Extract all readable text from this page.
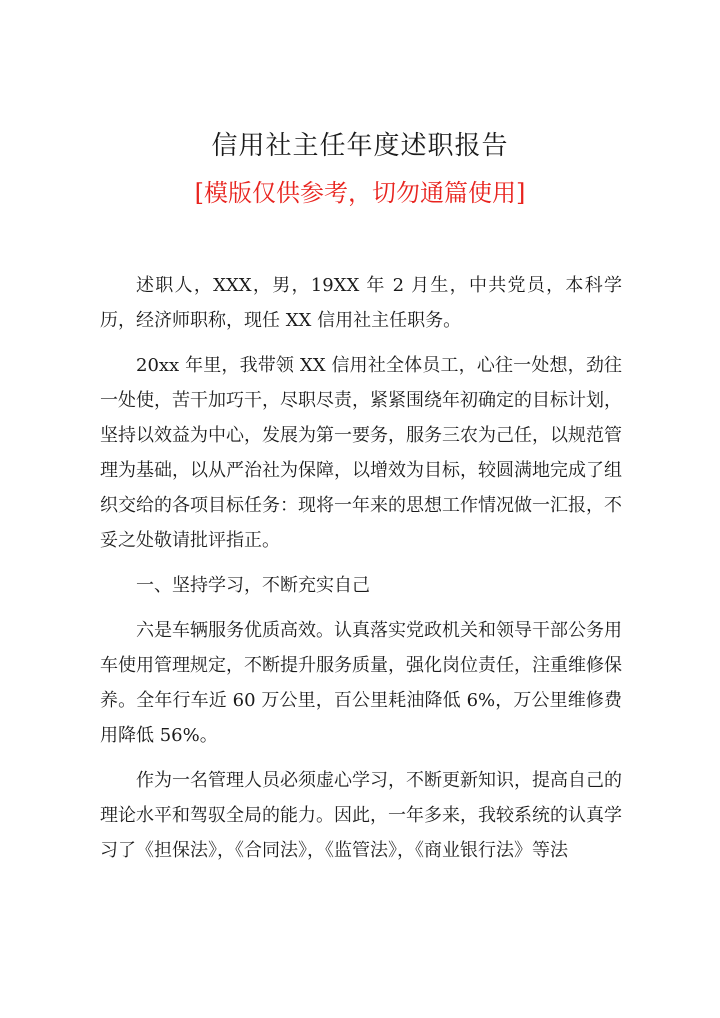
信用社主任年度述职报告
[模版仅供参考，切勿通篇使用]

述职人，XXX，男，19XX 年 2 月生，中共党员，本科学历，经济师职称，现任 XX 信用社主任职务。

20xx 年里，我带领 XX 信用社全体员工，心往一处想，劲往一处使，苦干加巧干，尽职尽责，紧紧围绕年初确定的目标计划，坚持以效益为中心，发展为第一要务，服务三农为己任，以规范管理为基础，以从严治社为保障，以增效为目标，较圆满地完成了组织交给的各项目标任务：现将一年来的思想工作情况做一汇报，不妥之处敬请批评指正。

一、坚持学习，不断充实自己

六是车辆服务优质高效。认真落实党政机关和领导干部公务用车使用管理规定，不断提升服务质量，强化岗位责任，注重维修保养。全年行车近 60 万公里，百公里耗油降低 6%，万公里维修费用降低 56%。

作为一名管理人员必须虚心学习，不断更新知识，提高自己的理论水平和驾驭全局的能力。因此，一年多来，我较系统的认真学习了《担保法》，《合同法》，《监管法》，《商业银行法》等法
